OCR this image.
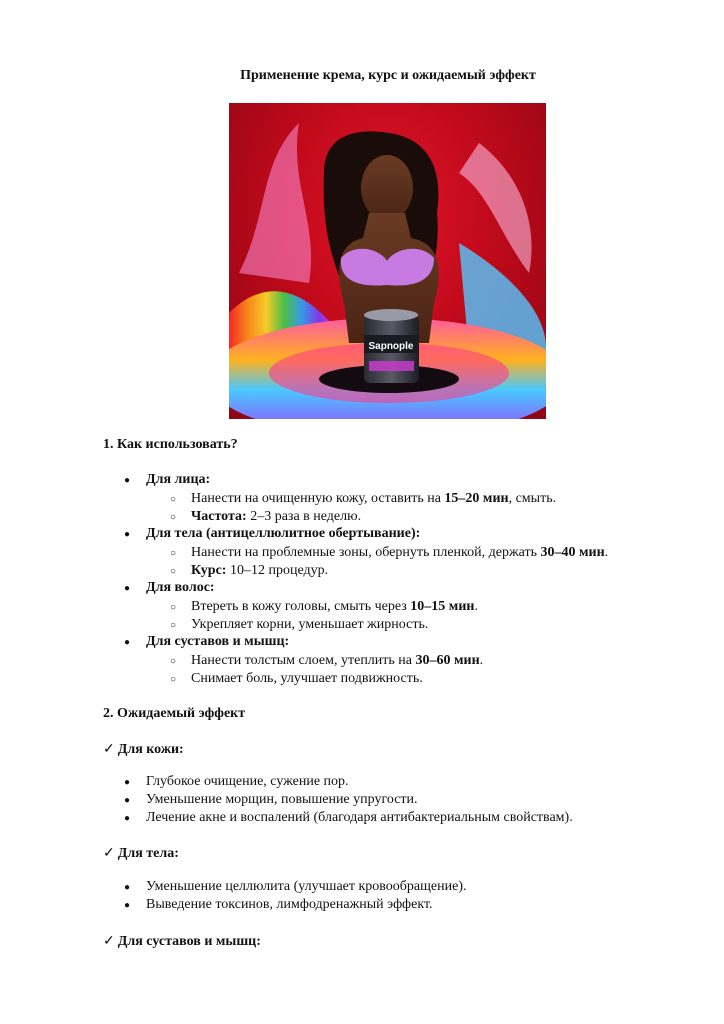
Применение крема, курс и ожидаемый эффект
Sapnople
1. Как использовать?
● Для лица:
○ Нанести на очищенную кожу, оставить на 15–20 мин, смыть.
○ Частота: 2–3 раза в неделю.
● Для тела (антицеллюлитное обертывание):
○ Нанести на проблемные зоны, обернуть пленкой, держать 30–40 мин.
○ Курс: 10–12 процедур.
● Для волос:
○ Втереть в кожу головы, смыть через 10–15 мин.
○ Укрепляет корни, уменьшает жирность.
● Для суставов и мышц:
○ Нанести толстым слоем, утеплить на 30–60 мин.
○ Снимает боль, улучшает подвижность.
2. Ожидаемый эффект
✓ Для кожи:
● Глубокое очищение, сужение пор.
● Уменьшение морщин, повышение упругости.
● Лечение акне и воспалений (благодаря антибактериальным свойствам).
✓ Для тела:
● Уменьшение целлюлита (улучшает кровообращение).
● Выведение токсинов, лимфодренажный эффект.
✓ Для суставов и мышц:
